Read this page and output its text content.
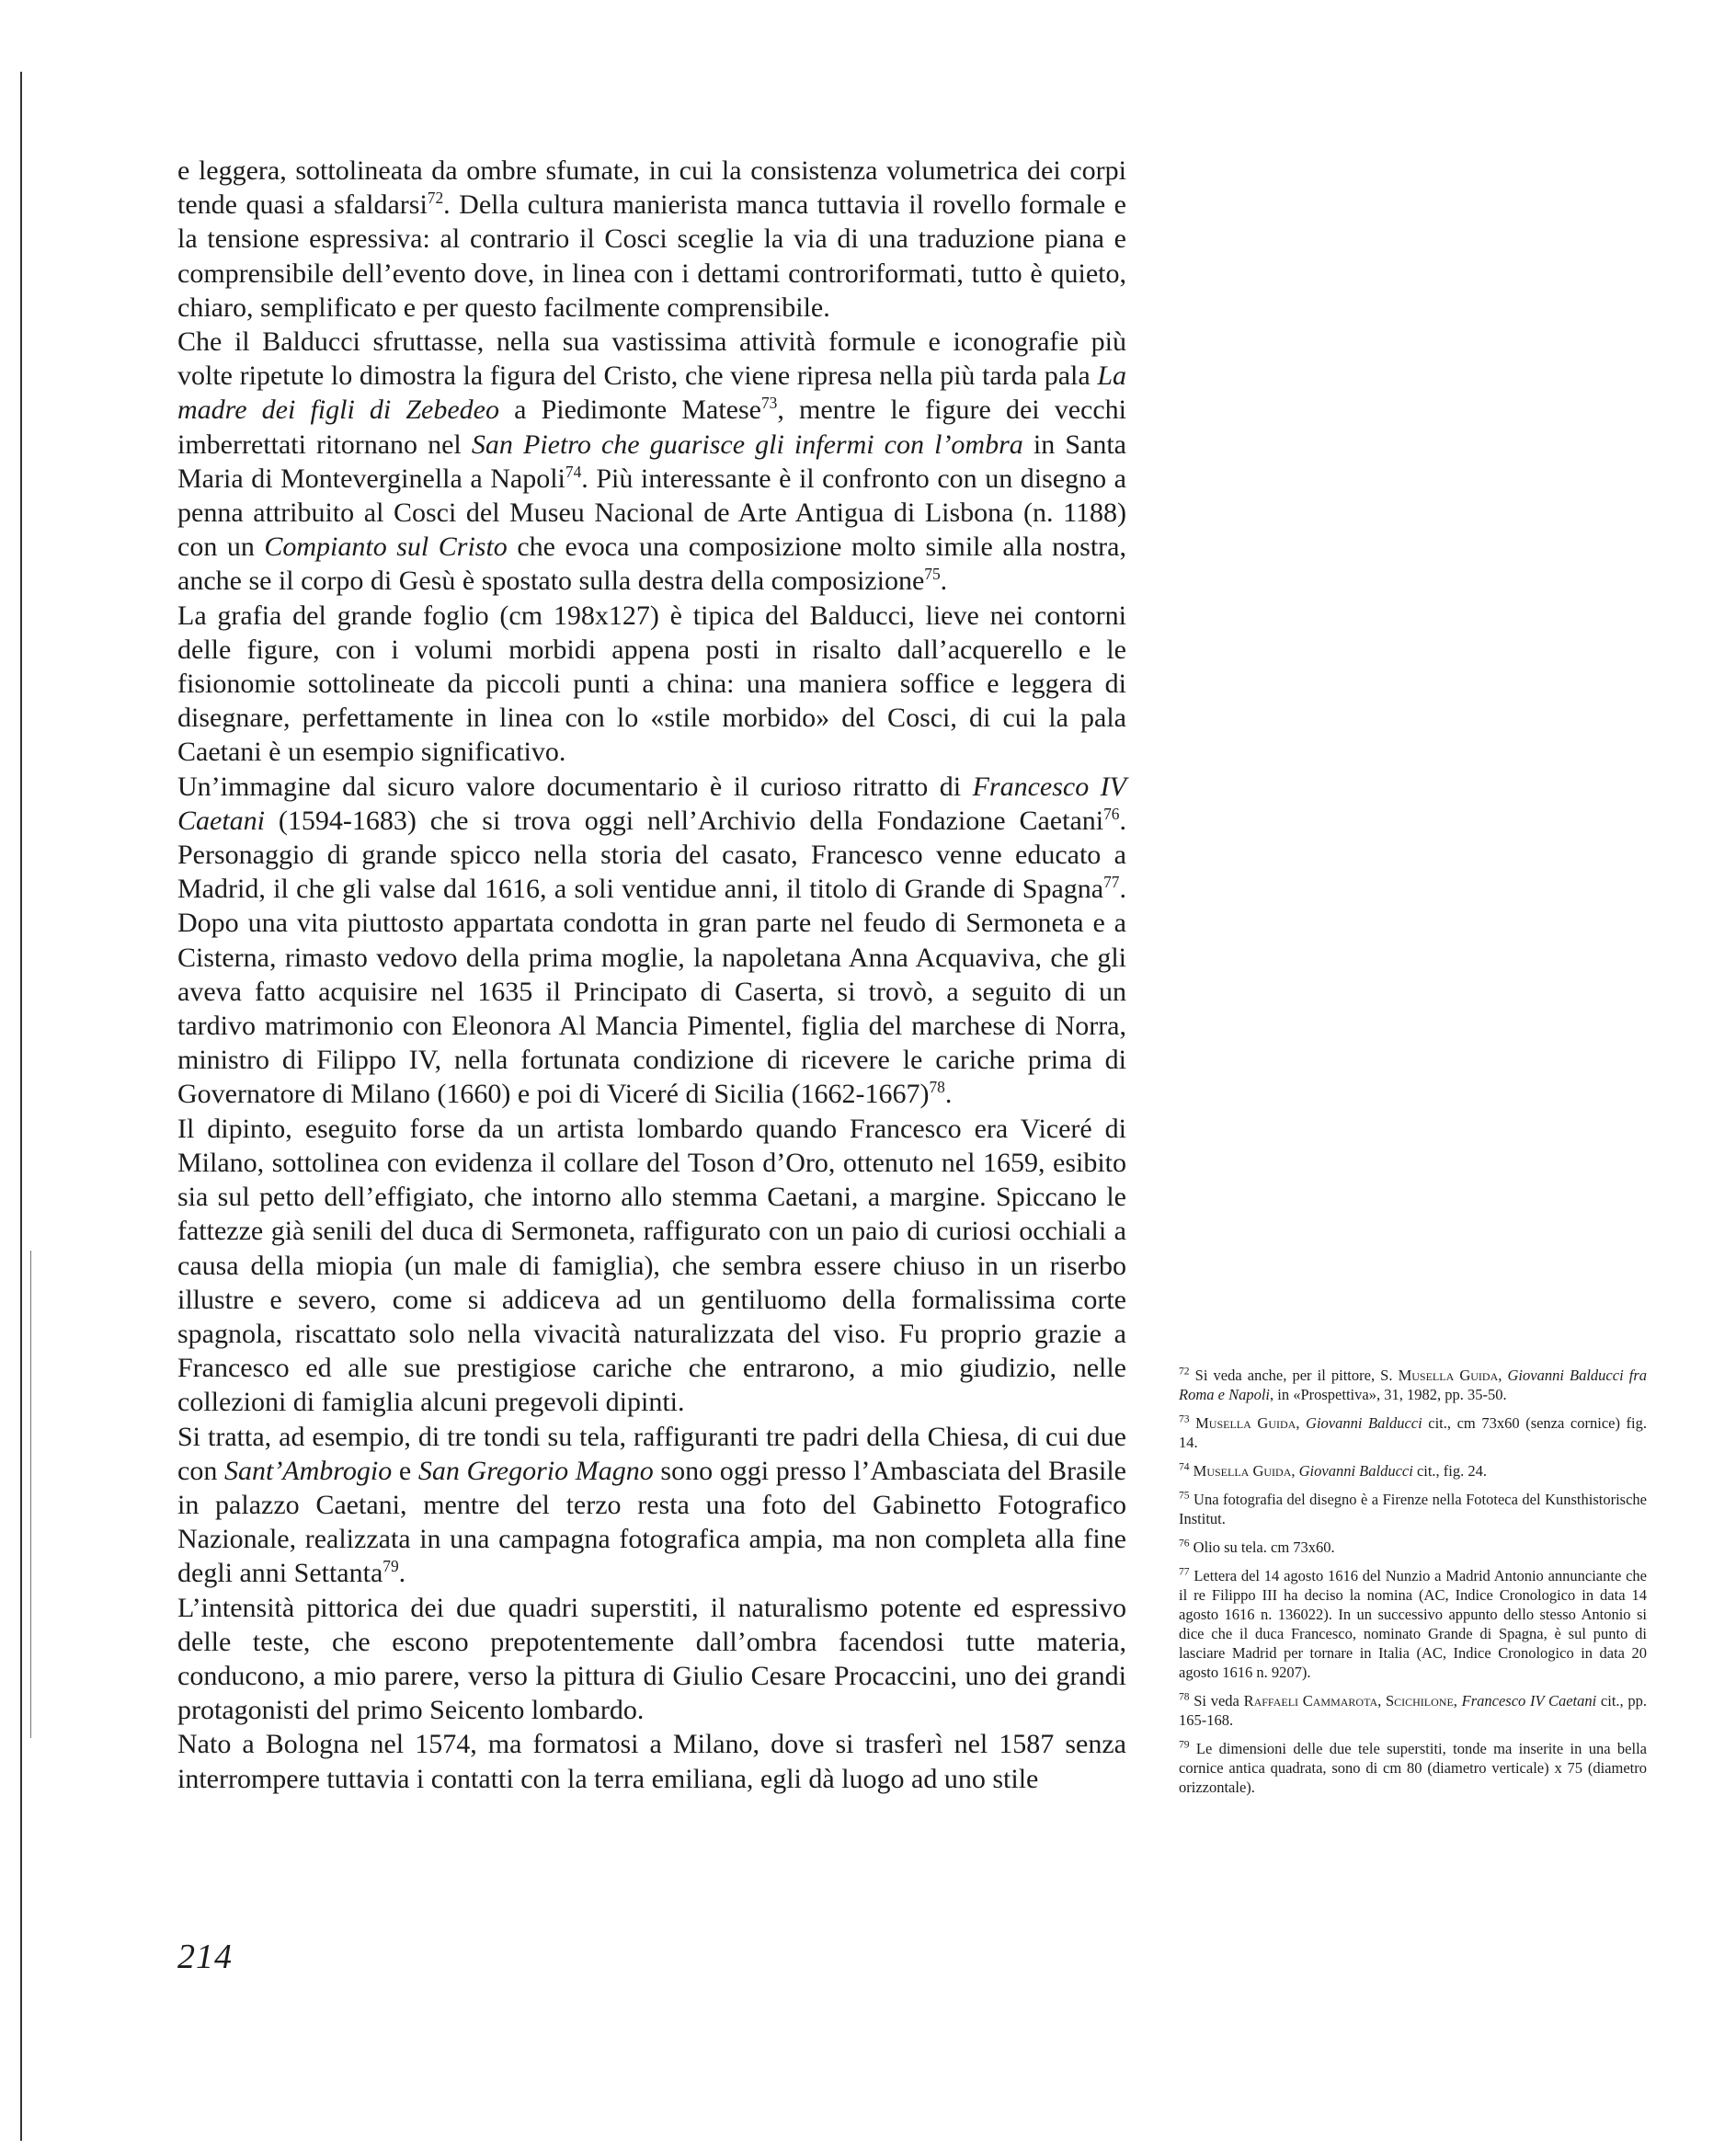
e leggera, sottolineata da ombre sfumate, in cui la consistenza volumetrica dei corpi tende quasi a sfaldarsi$^{72}$. Della cultura manierista manca tuttavia il rovello formale e la tensione espressiva: al contrario il Cosci sceglie la via di una traduzione piana e comprensibile dell’evento dove, in linea con i dettami controriformati, tutto è quieto, chiaro, semplificato e per questo facilmente comprensibile.

Che il Balducci sfruttasse, nella sua vastissima attività formule e iconografie più volte ripetute lo dimostra la figura del Cristo, che viene ripresa nella più tarda pala La madre dei figli di Zebedeo a Piedimonte Matese$^{73}$, mentre le figure dei vecchi imberrettati ritornano nel San Pietro che guarisce gli infermi con l’ombra in Santa Maria di Monteverginella a Napoli$^{74}$. Più interessante è il confronto con un disegno a penna attribuito al Cosci del Museu Nacional de Arte Antigua di Lisbona (n. 1188) con un Compianto sul Cristo che evoca una composizione molto simile alla nostra, anche se il corpo di Gesù è spostato sulla destra della composizione$^{75}$.

La grafia del grande foglio (cm 198x127) è tipica del Balducci, lieve nei contorni delle figure, con i volumi morbidi appena posti in risalto dall’acquerello e le fisionomie sottolineate da piccoli punti a china: una maniera soffice e leggera di disegnare, perfettamente in linea con lo «stile morbido» del Cosci, di cui la pala Caetani è un esempio significativo.

Un’immagine dal sicuro valore documentario è il curioso ritratto di Francesco IV Caetani (1594-1683) che si trova oggi nell’Archivio della Fondazione Caetani$^{76}$. Personaggio di grande spicco nella storia del casato, Francesco venne educato a Madrid, il che gli valse dal 1616, a soli ventidue anni, il titolo di Grande di Spagna$^{77}$. Dopo una vita piuttosto appartata condotta in gran parte nel feudo di Sermoneta e a Cisterna, rimasto vedovo della prima moglie, la napoletana Anna Acquaviva, che gli aveva fatto acquisire nel 1635 il Principato di Caserta, si trovò, a seguito di un tardivo matrimonio con Eleonora Al Mancia Pimentel, figlia del marchese di Norra, ministro di Filippo IV, nella fortunata condizione di ricevere le cariche prima di Governatore di Milano (1660) e poi di Viceré di Sicilia (1662-1667)$^{78}$.

Il dipinto, eseguito forse da un artista lombardo quando Francesco era Viceré di Milano, sottolinea con evidenza il collare del Toson d’Oro, ottenuto nel 1659, esibito sia sul petto dell’effigiato, che intorno allo stemma Caetani, a margine. Spiccano le fattezze già senili del duca di Sermoneta, raffigurato con un paio di curiosi occhiali a causa della miopia (un male di famiglia), che sembra essere chiuso in un riserbo illustre e severo, come si addiceva ad un gentiluomo della formalissima corte spagnola, riscattato solo nella vivacità naturalizzata del viso. Fu proprio grazie a Francesco ed alle sue prestigiose cariche che entrarono, a mio giudizio, nelle collezioni di famiglia alcuni pregevoli dipinti.

Si tratta, ad esempio, di tre tondi su tela, raffiguranti tre padri della Chiesa, di cui due con Sant’Ambrogio e San Gregorio Magno sono oggi presso l’Ambasciata del Brasile in palazzo Caetani, mentre del terzo resta una foto del Gabinetto Fotografico Nazionale, realizzata in una campagna fotografica ampia, ma non completa alla fine degli anni Settanta$^{79}$.

L’intensità pittorica dei due quadri superstiti, il naturalismo potente ed espressivo delle teste, che escono prepotentemente dall’ombra facendosi tutte materia, conducono, a mio parere, verso la pittura di Giulio Cesare Procaccini, uno dei grandi protagonisti del primo Seicento lombardo.

Nato a Bologna nel 1574, ma formatosi a Milano, dove si trasferì nel 1587 senza interrompere tuttavia i contatti con la terra emiliana, egli dà luogo ad uno stile

$^{72}$ Si veda anche, per il pittore, S. Musella Guida, Giovanni Balducci fra Roma e Napoli, in «Prospettiva», 31, 1982, pp. 35-50.

$^{73}$ Musella Guida, Giovanni Balducci cit., cm 73x60 (senza cornice) fig. 14.

$^{74}$ Musella Guida, Giovanni Balducci cit., fig. 24.

$^{75}$ Una fotografia del disegno è a Firenze nella Fototeca del Kunsthistorische Institut.

$^{76}$ Olio su tela. cm 73x60.

$^{77}$ Lettera del 14 agosto 1616 del Nunzio a Madrid Antonio annunciante che il re Filippo III ha deciso la nomina (AC, Indice Cronologico in data 14 agosto 1616 n. 136022). In un successivo appunto dello stesso Antonio si dice che il duca Francesco, nominato Grande di Spagna, è sul punto di lasciare Madrid per tornare in Italia (AC, Indice Cronologico in data 20 agosto 1616 n. 9207).

$^{78}$ Si veda Raffaeli Cammarota, Scichilone, Francesco IV Caetani cit., pp. 165-168.

$^{79}$ Le dimensioni delle due tele superstiti, tonde ma inserite in una bella cornice antica quadrata, sono di cm 80 (diametro verticale) x 75 (diametro orizzontale).

214
